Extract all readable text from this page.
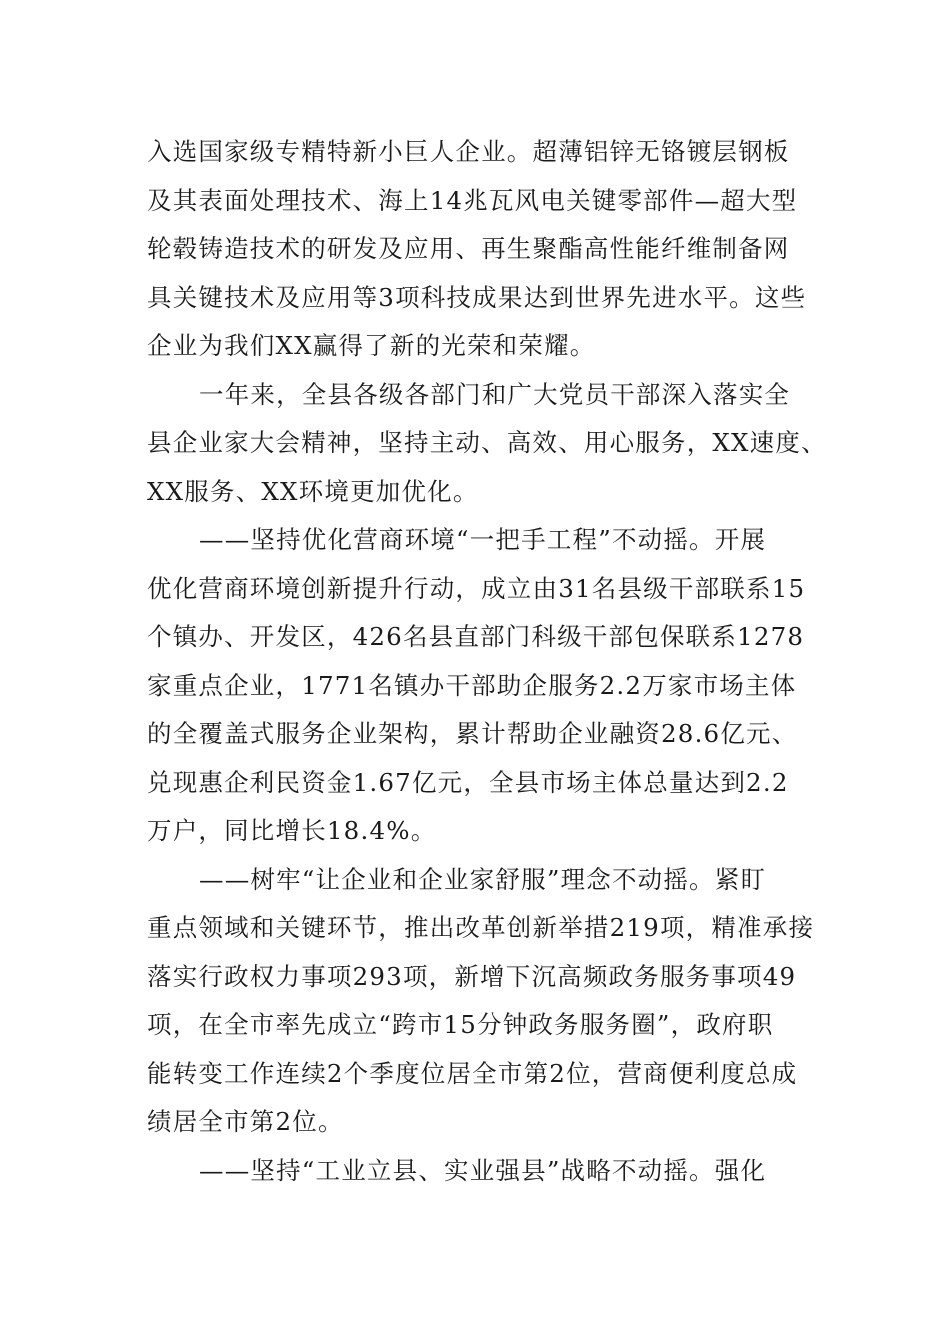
入选国家级专精特新小巨人企业。超薄铝锌无铬镀层钢板
及其表面处理技术、海上14兆瓦风电关键零部件—超大型
轮毂铸造技术的研发及应用、再生聚酯高性能纤维制备网
具关键技术及应用等3项科技成果达到世界先进水平。这些
企业为我们XX赢得了新的光荣和荣耀。
一年来，全县各级各部门和广大党员干部深入落实全
县企业家大会精神，坚持主动、高效、用心服务，XX速度、
XX服务、XX环境更加优化。
——坚持优化营商环境“一把手工程”不动摇。开展
优化营商环境创新提升行动，成立由31名县级干部联系15
个镇办、开发区，426名县直部门科级干部包保联系1278
家重点企业，1771名镇办干部助企服务2.2万家市场主体
的全覆盖式服务企业架构，累计帮助企业融资28.6亿元、
兑现惠企利民资金1.67亿元，全县市场主体总量达到2.2
万户，同比增长18.4%。
——树牢“让企业和企业家舒服”理念不动摇。紧盯
重点领域和关键环节，推出改革创新举措219项，精准承接
落实行政权力事项293项，新增下沉高频政务服务事项49
项，在全市率先成立“跨市15分钟政务服务圈”，政府职
能转变工作连续2个季度位居全市第2位，营商便利度总成
绩居全市第2位。
——坚持“工业立县、实业强县”战略不动摇。强化
